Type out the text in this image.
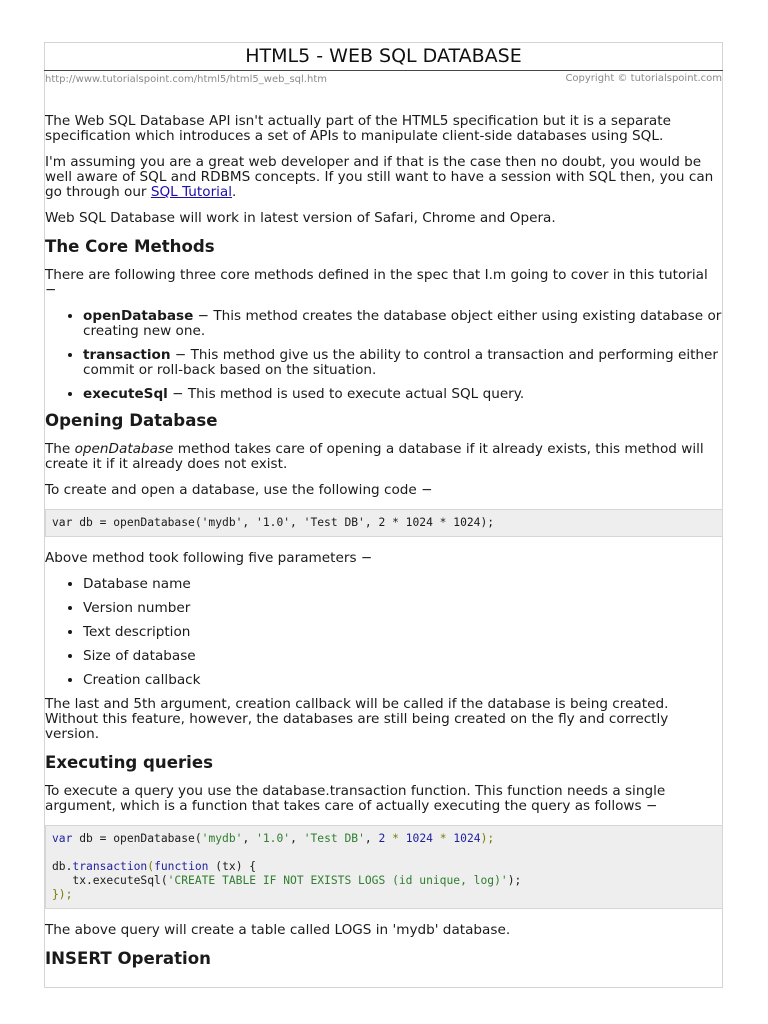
HTML5 - WEB SQL DATABASE
http://www.tutorialspoint.com/html5/html5_web_sql.htm	Copyright © tutorialspoint.com

The Web SQL Database API isn't actually part of the HTML5 specification but it is a separate specification which introduces a set of APIs to manipulate client-side databases using SQL.

I'm assuming you are a great web developer and if that is the case then no doubt, you would be well aware of SQL and RDBMS concepts. If you still want to have a session with SQL then, you can go through our SQL Tutorial.

Web SQL Database will work in latest version of Safari, Chrome and Opera.

The Core Methods

There are following three core methods defined in the spec that I.m going to cover in this tutorial −

• openDatabase − This method creates the database object either using existing database or creating new one.
• transaction − This method give us the ability to control a transaction and performing either commit or roll-back based on the situation.
• executeSql − This method is used to execute actual SQL query.
Opening Database

The openDatabase method takes care of opening a database if it already exists, this method will create it if it already does not exist.

To create and open a database, use the following code −

var db = openDatabase('mydb', '1.0', 'Test DB', 2 * 1024 * 1024);

Above method took following five parameters −

• Database name
• Version number
• Text description
• Size of database
• Creation callback

The last and 5th argument, creation callback will be called if the database is being created. Without this feature, however, the databases are still being created on the fly and correctly version.

Executing queries

To execute a query you use the database.transaction function. This function needs a single argument, which is a function that takes care of actually executing the query as follows −

var db = openDatabase('mydb', '1.0', 'Test DB', 2 * 1024 * 1024);

db.transaction(function (tx) {
tx.executeSql('CREATE TABLE IF NOT EXISTS LOGS (id unique, log)');
});

The above query will create a table called LOGS in 'mydb' database.

INSERT Operation
